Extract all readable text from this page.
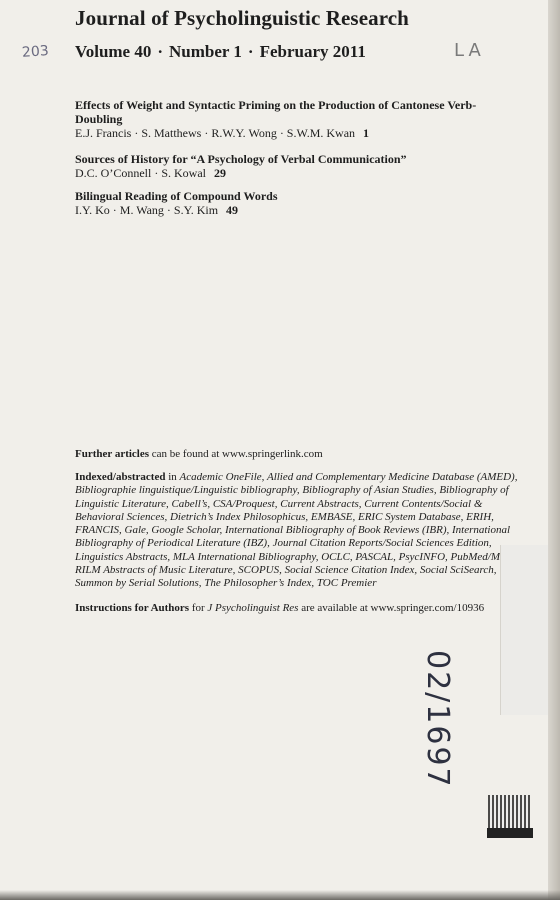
Journal of Psycholinguistic Research
Volume 40 · Number 1 · February 2011
Effects of Weight and Syntactic Priming on the Production of Cantonese Verb-Doubling
E.J. Francis · S. Matthews · R.W.Y. Wong · S.W.M. Kwan 1
Sources of History for “A Psychology of Verbal Communication”
D.C. O’Connell · S. Kowal 29
Bilingual Reading of Compound Words
I.Y. Ko · M. Wang · S.Y. Kim 49
Further articles can be found at www.springerlink.com
Indexed/abstracted in Academic OneFile, Allied and Complementary Medicine Database (AMED),
Bibliographie linguistique/Linguistic bibliography, Bibliography of Asian Studies, Bibliography of
Linguistic Literature, Cabell’s, CSA/Proquest, Current Abstracts, Current Contents/Social &
Behavioral Sciences, Dietrich’s Index Philosophicus, EMBASE, ERIC System Database, ERIH,
FRANCIS, Gale, Google Scholar, International Bibliography of Book Reviews (IBR), International
Bibliography of Periodical Literature (IBZ), Journal Citation Reports/Social Sciences Edition,
Linguistics Abstracts, MLA International Bibliography, OCLC, PASCAL, PsycINFO, PubMed/M
RILM Abstracts of Music Literature, SCOPUS, Social Science Citation Index, Social SciSearch,
Summon by Serial Solutions, The Philosopher’s Index, TOC Premier
Instructions for Authors for J Psycholinguist Res are available at www.springer.com/10936
203	LA
02/1697
